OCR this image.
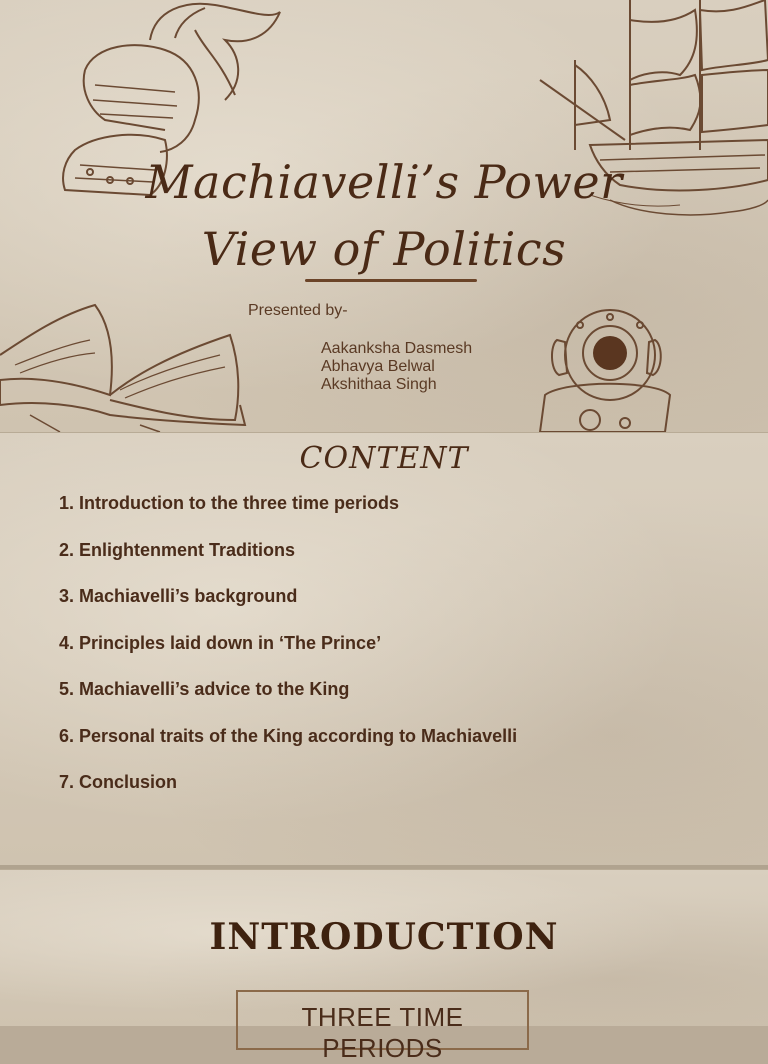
Machiavelli’s Power
View of Politics
Presented by-
Aakanksha Dasmesh
Abhavya Belwal
Akshithaa Singh
CONTENT
1. Introduction to the three time periods
2. Enlightenment Traditions
3. Machiavelli’s background
4. Principles laid down in ‘The Prince’
5. Machiavelli’s advice to the King
6. Personal traits of the King according to Machiavelli
7. Conclusion
INTRODUCTION
THREE TIME PERIODS
